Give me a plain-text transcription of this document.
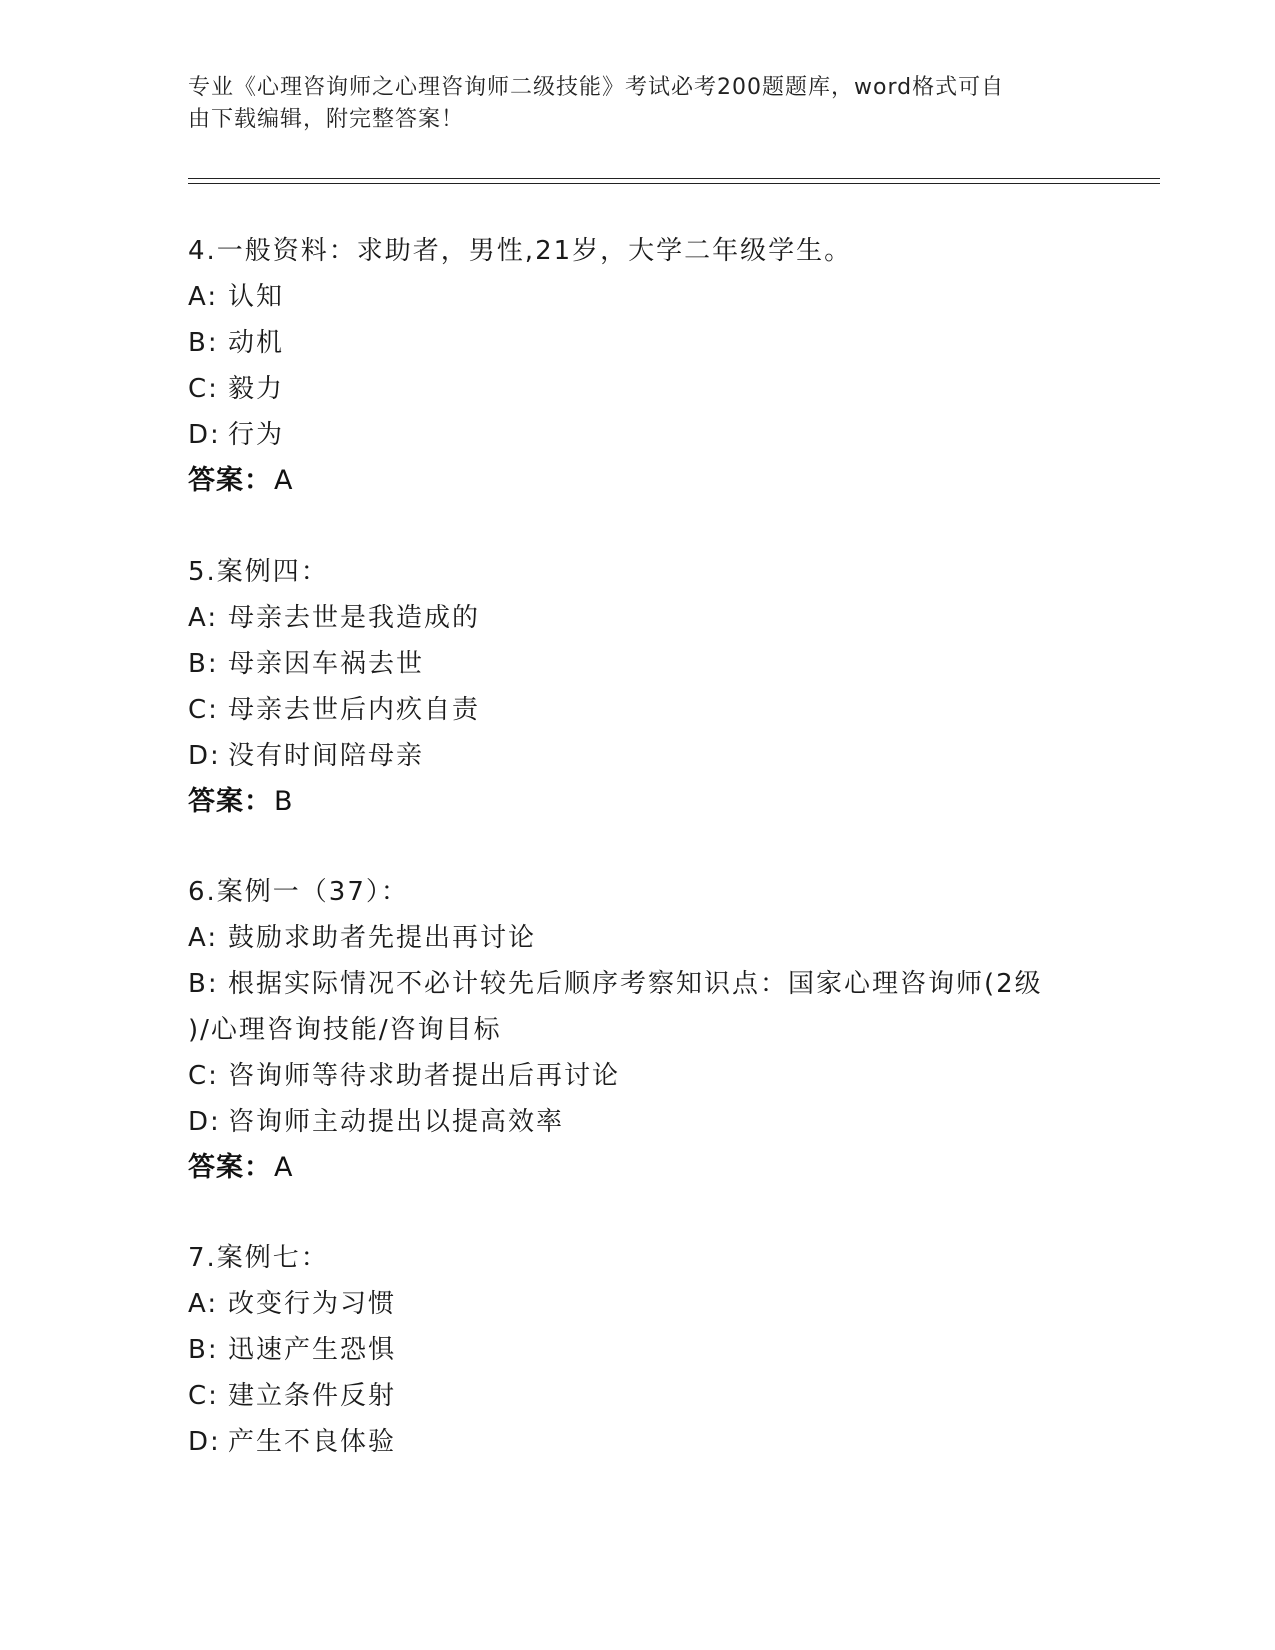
专业《心理咨询师之心理咨询师二级技能》考试必考200题题库，word格式可自
由下载编辑，附完整答案！
4.一般资料：求助者，男性,21岁，大学二年级学生。
A: 认知
B: 动机
C: 毅力
D: 行为
答案：A
5.案例四：
A: 母亲去世是我造成的
B: 母亲因车祸去世
C: 母亲去世后内疚自责
D: 没有时间陪母亲
答案：B
6.案例一（37）：
A: 鼓励求助者先提出再讨论
B: 根据实际情况不必计较先后顺序考察知识点：国家心理咨询师(2级
)/心理咨询技能/咨询目标
C: 咨询师等待求助者提出后再讨论
D: 咨询师主动提出以提高效率
答案：A
7.案例七：
A: 改变行为习惯
B: 迅速产生恐惧
C: 建立条件反射
D: 产生不良体验
